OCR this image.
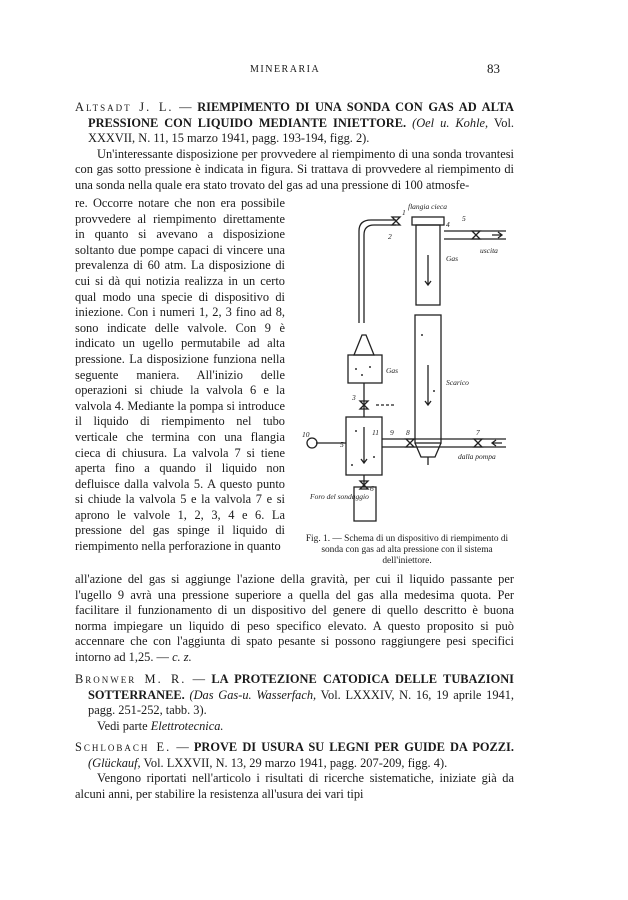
MINERARIA	83
Altsadt J. L. — RIEMPIMENTO DI UNA SONDA CON GAS AD ALTA PRESSIONE CON LIQUIDO MEDIANTE INIETTORE. (Oel u. Kohle, Vol. XXXVII, N. 11, 15 marzo 1941, pagg. 193-194, figg. 2).
Un'interessante disposizione per provvedere al riempimento di una sonda trovantesi con gas sotto pressione è indicata in figura. Si trattava di provvedere al riempimento di una sonda nella quale era stato trovato del gas ad una pressione di 100 atmosfe-
re. Occorre notare che non era possibile provvedere al riempimento direttamente in quanto si avevano a disposizione soltanto due pompe capaci di vincere una prevalenza di 60 atm. La disposizione di cui si dà qui notizia realizza in un certo qual modo una specie di dispositivo di iniezione. Con i numeri 1, 2, 3 fino ad 8, sono indicate delle valvole. Con 9 è indicato un ugello permutabile ad alta pressione. La disposizione funziona nella seguente maniera. All'inizio delle operazioni si chiude la valvola 6 e la valvola 4. Mediante la pompa si introduce il liquido di riempimento nel tubo verticale che termina con una flangia cieca di chiusura. La valvola 7 si tiene aperta fino a quando il liquido non defluisce dalla valvola 5. A questo punto si chiude la valvola 5 e la valvola 7 e si aprono le valvole 1, 2, 3, 4 e 6. La pressione del gas spinge il liquido di riempimento nella perforazione in quanto
flangia cieca
uscita
Gas
Gas
Scarico
dalla pompa
Foro del sondaggio
1
2
3
4
5
5
6
7
8
9
10	11
Fig. 1. — Schema di un dispositivo di riempimento di sonda con gas ad alta pressione con il sistema dell'iniettore.
all'azione del gas si aggiunge l'azione della gravità, per cui il liquido passante per l'ugello 9 avrà una pressione superiore a quella del gas alla medesima quota. Per facilitare il funzionamento di un dispositivo del genere di quello descritto è buona norma impiegare un liquido di peso specifico elevato. A questo proposito si può accennare che con l'aggiunta di spato pesante si possono raggiungere pesi specifici intorno ad 1,25. — c. z.
Bronwer M. R. — LA PROTEZIONE CATODICA DELLE TUBAZIONI SOTTERRANEE. (Das Gas-u. Wasserfach, Vol. LXXXIV, N. 16, 19 aprile 1941, pagg. 251-252, tabb. 3).
Vedi parte Elettrotecnica.
Schlobach E. — PROVE DI USURA SU LEGNI PER GUIDE DA POZZI. (Glückauf, Vol. LXXVII, N. 13, 29 marzo 1941, pagg. 207-209, figg. 4).
Vengono riportati nell'articolo i risultati di ricerche sistematiche, iniziate già da alcuni anni, per stabilire la resistenza all'usura dei vari tipi
